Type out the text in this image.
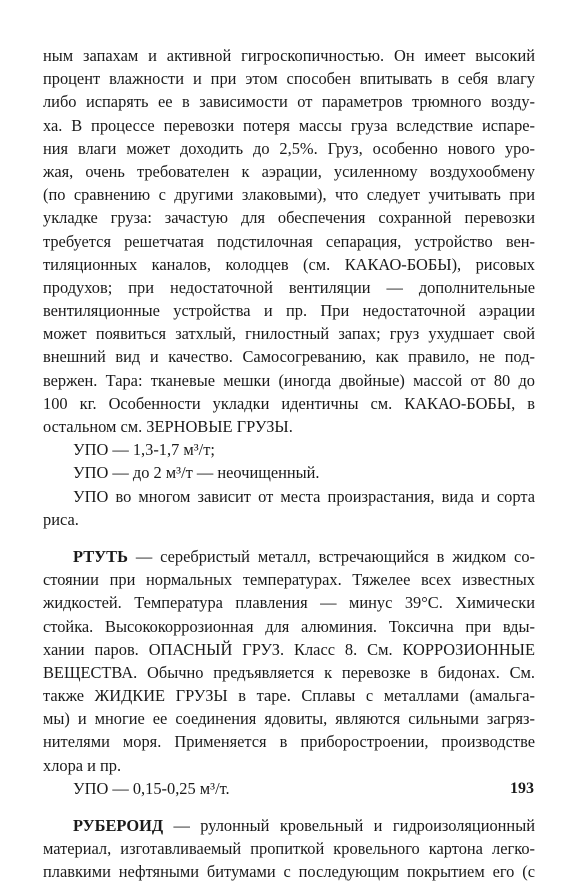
ным запахам и активной гигроскопичностью. Он имеет высокий
процент влажности и при этом способен впитывать в себя влагу
либо испарять ее в зависимости от параметров трюмного возду-
ха. В процессе перевозки потеря массы груза вследствие испаре-
ния влаги может доходить до 2,5%. Груз, особенно нового уро-
жая, очень требователен к аэрации, усиленному воздухообмену
(по сравнению с другими злаковыми), что следует учитывать при
укладке груза: зачастую для обеспечения сохранной перевозки
требуется решетчатая подстилочная сепарация, устройство вен-
тиляционных каналов, колодцев (см. КАКАО-БОБЫ), рисовых
продухов; при недостаточной вентиляции — дополнительные
вентиляционные устройства и пр. При недостаточной аэрации
может появиться затхлый, гнилостный запах; груз ухудшает свой
внешний вид и качество. Самосогреванию, как правило, не под-
вержен. Тара: тканевые мешки (иногда двойные) массой от 80 до
100 кг. Особенности укладки идентичны см. КАКАО-БОБЫ, в
остальном см. ЗЕРНОВЫЕ ГРУЗЫ.
УПО — 1,3-1,7 м³/т;
УПО — до 2 м³/т — неочищенный.
УПО во многом зависит от места произрастания, вида и сорта
риса.
РТУТЬ — серебристый металл, встречающийся в жидком со-
стоянии при нормальных температурах. Тяжелее всех известных
жидкостей. Температура плавления — минус 39°С. Химически
стойка. Высококоррозионная для алюминия. Токсична при вды-
хании паров. ОПАСНЫЙ ГРУЗ. Класс 8. См. КОРРОЗИОННЫЕ
ВЕЩЕСТВА. Обычно предъявляется к перевозке в бидонах. См.
также ЖИДКИЕ ГРУЗЫ в таре. Сплавы с металлами (амальга-
мы) и многие ее соединения ядовиты, являются сильными загряз-
нителями моря. Применяется в приборостроении, производстве
хлора и пр.
УПО — 0,15-0,25 м³/т.
РУБЕРОИД — рулонный кровельный и гидроизоляционный
материал, изготавливаемый пропиткой кровельного картона легко-
плавкими нефтяными битумами с последующим покрытием его (с
193
